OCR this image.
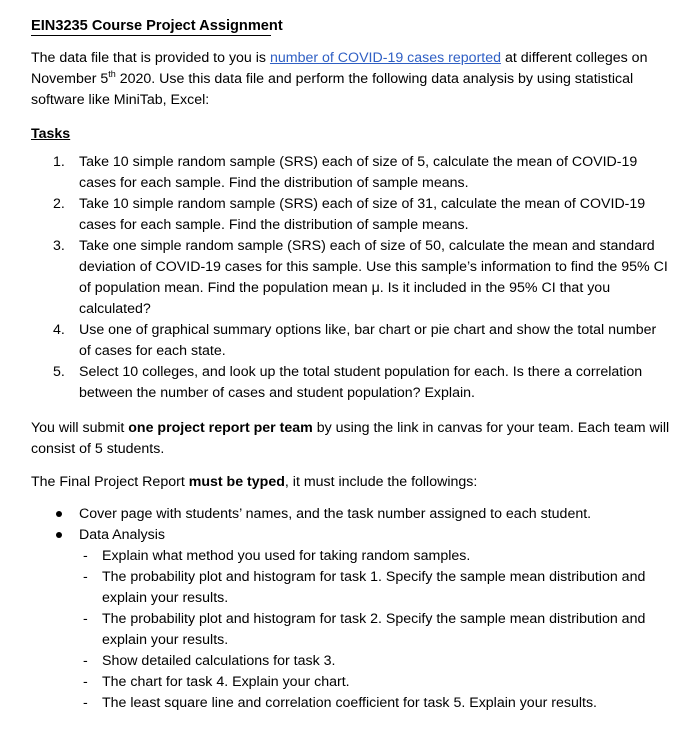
EIN3235 Course Project Assignment
The data file that is provided to you is number of COVID-19 cases reported at different colleges on November 5th 2020. Use this data file and perform the following data analysis by using statistical software like MiniTab, Excel:
Tasks
1. Take 10 simple random sample (SRS) each of size of 5, calculate the mean of COVID-19 cases for each sample. Find the distribution of sample means.
2. Take 10 simple random sample (SRS) each of size of 31, calculate the mean of COVID-19 cases for each sample. Find the distribution of sample means.
3. Take one simple random sample (SRS) each of size of 50, calculate the mean and standard deviation of COVID-19 cases for this sample. Use this sample’s information to find the 95% CI of population mean. Find the population mean μ. Is it included in the 95% CI that you calculated?
4. Use one of graphical summary options like, bar chart or pie chart and show the total number of cases for each state.
5. Select 10 colleges, and look up the total student population for each. Is there a correlation between the number of cases and student population? Explain.
You will submit one project report per team by using the link in canvas for your team. Each team will consist of 5 students.
The Final Project Report must be typed, it must include the followings:
Cover page with students’ names, and the task number assigned to each student.
Data Analysis
- Explain what method you used for taking random samples.
- The probability plot and histogram for task 1. Specify the sample mean distribution and explain your results.
- The probability plot and histogram for task 2. Specify the sample mean distribution and explain your results.
- Show detailed calculations for task 3.
- The chart for task 4. Explain your chart.
- The least square line and correlation coefficient for task 5. Explain your results.
